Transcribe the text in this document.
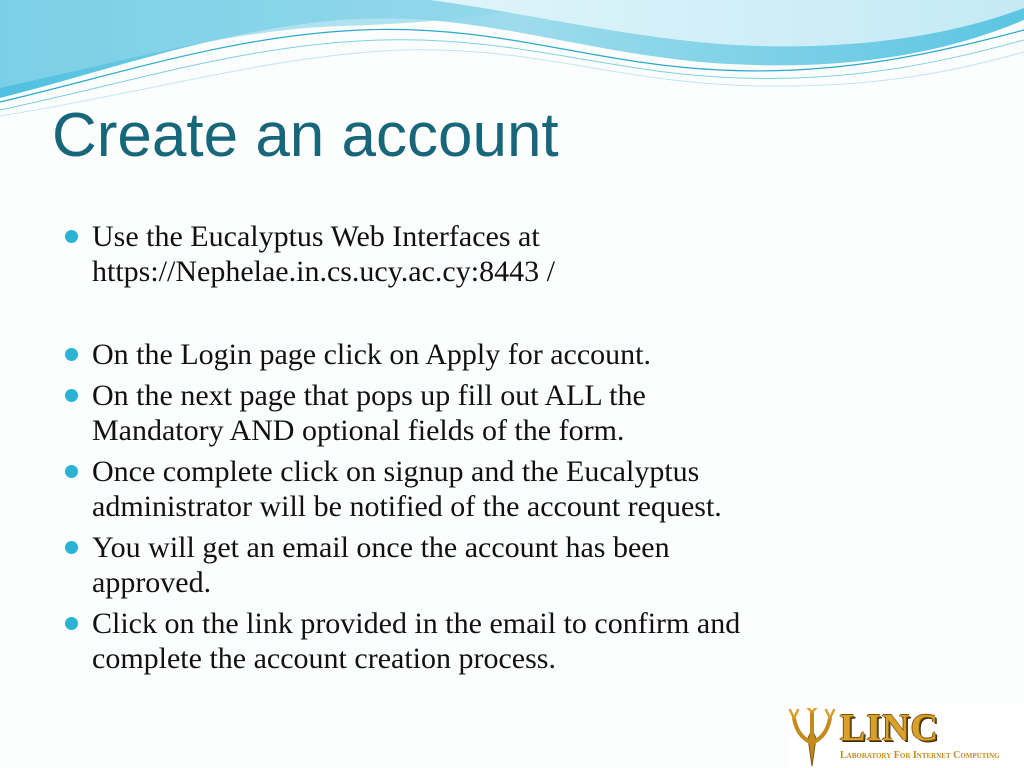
Create an account
Use the Eucalyptus Web Interfaces at
https://Nephelae.in.cs.ucy.ac.cy:8443 /
On the Login page click on Apply for account.
On the next page that pops up fill out ALL the
Mandatory AND optional fields of the form.
Once complete click on signup and the Eucalyptus
administrator will be notified of the account request.
You will get an email once the account has been
approved.
Click on the link provided in the email to confirm and
complete the account creation process.
LINC
Laboratory For Internet Computing
